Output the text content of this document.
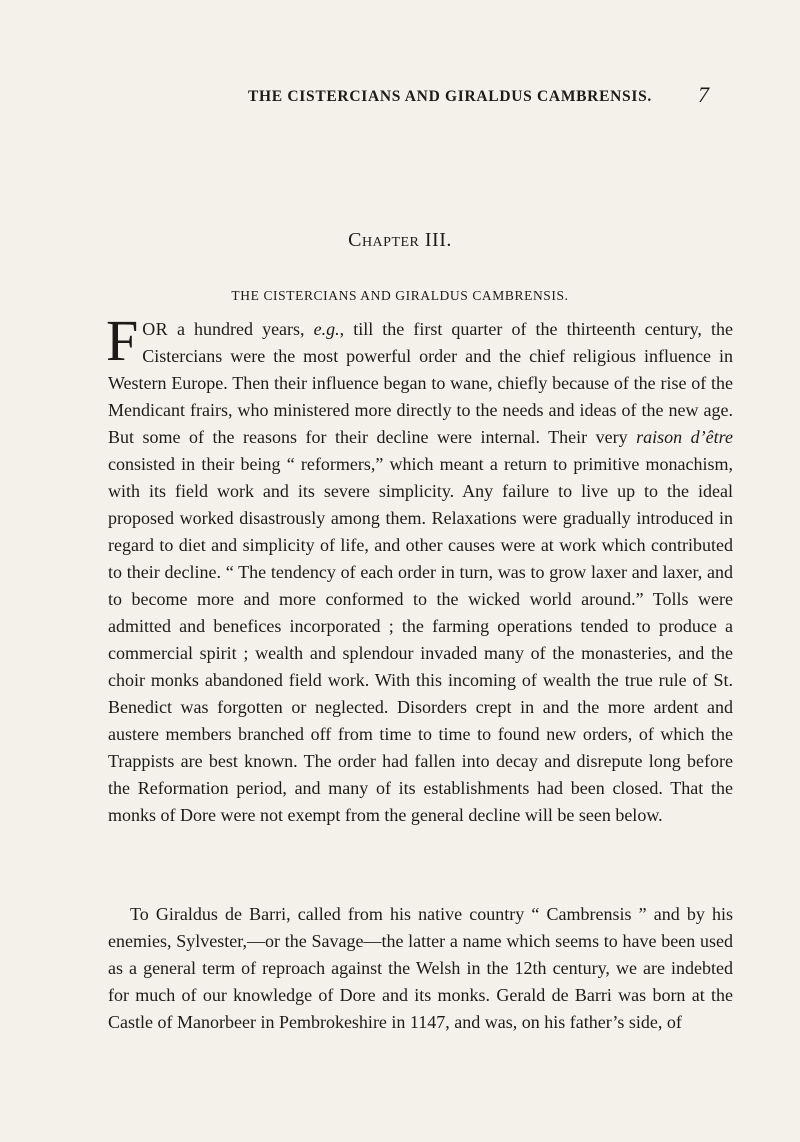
THE CISTERCIANS AND GIRALDUS CAMBRENSIS. 7
Chapter III.
THE CISTERCIANS AND GIRALDUS CAMBRENSIS.
FOR a hundred years, e.g., till the first quarter of the thirteenth century, the Cistercians were the most powerful order and the chief religious influence in Western Europe. Then their influence began to wane, chiefly because of the rise of the Mendicant frairs, who ministered more directly to the needs and ideas of the new age. But some of the reasons for their decline were internal. Their very raison d’être consisted in their being “ reformers,” which meant a return to primitive monachism, with its field work and its severe simplicity. Any failure to live up to the ideal proposed worked disastrously among them. Relaxations were gradually introduced in regard to diet and simplicity of life, and other causes were at work which contributed to their decline. “ The tendency of each order in turn, was to grow laxer and laxer, and to become more and more conformed to the wicked world around.” Tolls were admitted and benefices incorporated ; the farming operations tended to produce a commercial spirit ; wealth and splendour invaded many of the monasteries, and the choir monks abandoned field work. With this incoming of wealth the true rule of St. Benedict was forgotten or neglected. Disorders crept in and the more ardent and austere members branched off from time to time to found new orders, of which the Trappists are best known. The order had fallen into decay and disrepute long before the Reformation period, and many of its establishments had been closed. That the monks of Dore were not exempt from the general decline will be seen below.
To Giraldus de Barri, called from his native country “ Cambrensis ” and by his enemies, Sylvester,—or the Savage—the latter a name which seems to have been used as a general term of reproach against the Welsh in the 12th century, we are indebted for much of our knowledge of Dore and its monks. Gerald de Barri was born at the Castle of Manorbeer in Pembrokeshire in 1147, and was, on his father’s side, of
